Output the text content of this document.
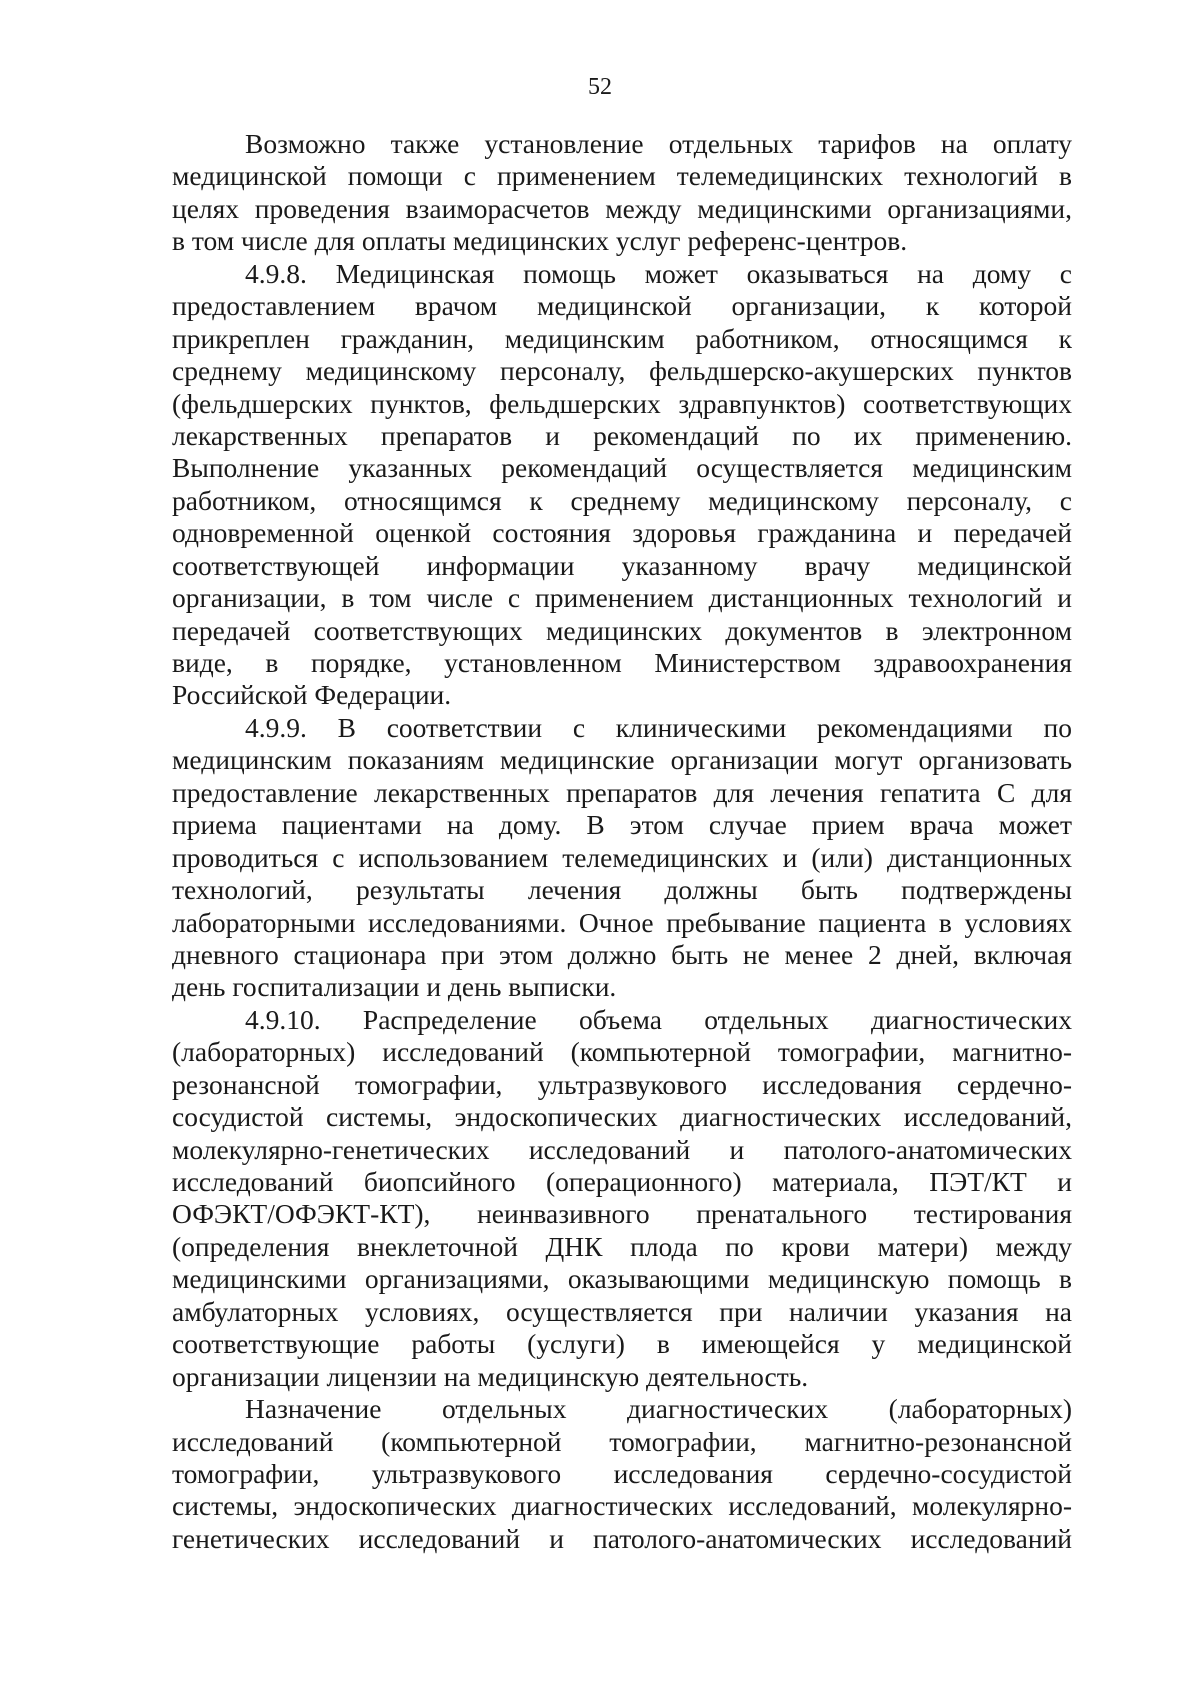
52
Возможно также установление отдельных тарифов на оплату
медицинской помощи с применением телемедицинских технологий в
целях проведения взаиморасчетов между медицинскими организациями,
в том числе для оплаты медицинских услуг референс-центров.
4.9.8. Медицинская помощь может оказываться на дому с
предоставлением врачом медицинской организации, к которой
прикреплен гражданин, медицинским работником, относящимся к
среднему медицинскому персоналу, фельдшерско-акушерских пунктов
(фельдшерских пунктов, фельдшерских здравпунктов) соответствующих
лекарственных препаратов и рекомендаций по их применению.
Выполнение указанных рекомендаций осуществляется медицинским
работником, относящимся к среднему медицинскому персоналу, с
одновременной оценкой состояния здоровья гражданина и передачей
соответствующей информации указанному врачу медицинской
организации, в том числе с применением дистанционных технологий и
передачей соответствующих медицинских документов в электронном
виде, в порядке, установленном Министерством здравоохранения
Российской Федерации.
4.9.9. В соответствии с клиническими рекомендациями по
медицинским показаниям медицинские организации могут организовать
предоставление лекарственных препаратов для лечения гепатита С для
приема пациентами на дому. В этом случае прием врача может
проводиться с использованием телемедицинских и (или) дистанционных
технологий, результаты лечения должны быть подтверждены
лабораторными исследованиями. Очное пребывание пациента в условиях
дневного стационара при этом должно быть не менее 2 дней, включая
день госпитализации и день выписки.
4.9.10. Распределение объема отдельных диагностических
(лабораторных) исследований (компьютерной томографии, магнитно-
резонансной томографии, ультразвукового исследования сердечно-
сосудистой системы, эндоскопических диагностических исследований,
молекулярно-генетических исследований и патолого-анатомических
исследований биопсийного (операционного) материала, ПЭТ/КТ и
ОФЭКТ/ОФЭКТ-КТ), неинвазивного пренатального тестирования
(определения внеклеточной ДНК плода по крови матери) между
медицинскими организациями, оказывающими медицинскую помощь в
амбулаторных условиях, осуществляется при наличии указания на
соответствующие работы (услуги) в имеющейся у медицинской
организации лицензии на медицинскую деятельность.
Назначение отдельных диагностических (лабораторных)
исследований (компьютерной томографии, магнитно-резонансной
томографии, ультразвукового исследования сердечно-сосудистой
системы, эндоскопических диагностических исследований, молекулярно-
генетических исследований и патолого-анатомических исследований
